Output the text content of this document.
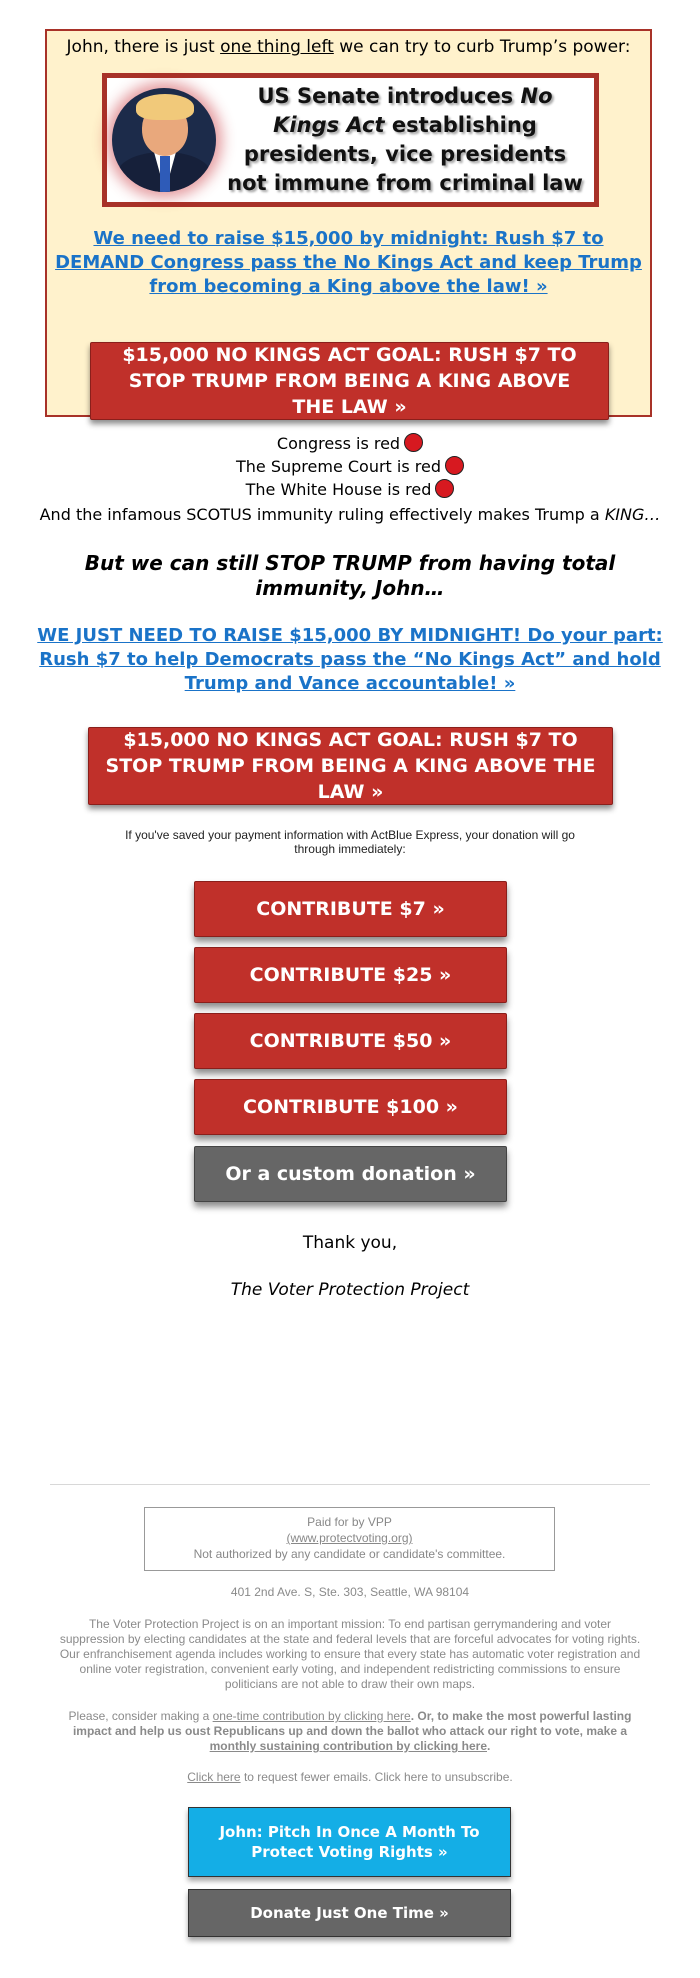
John, there is just one thing left we can try to curb Trump’s power:
US Senate introduces No
Kings Act establishing
presidents, vice presidents
not immune from criminal law
We need to raise $15,000 by midnight: Rush $7 to DEMAND Congress pass the No Kings Act and keep Trump from becoming a King above the law! »
$15,000 NO KINGS ACT GOAL: RUSH $7 TO STOP TRUMP FROM BEING A KING ABOVE THE LAW »
Congress is red
The Supreme Court is red
The White House is red
And the infamous SCOTUS immunity ruling effectively makes Trump a KING…
But we can still STOP TRUMP from having total immunity, John…
WE JUST NEED TO RAISE $15,000 BY MIDNIGHT! Do your part: Rush $7 to help Democrats pass the “No Kings Act” and hold Trump and Vance accountable! »
$15,000 NO KINGS ACT GOAL: RUSH $7 TO STOP TRUMP FROM BEING A KING ABOVE THE LAW »
If you've saved your payment information with ActBlue Express, your donation will go through immediately:
CONTRIBUTE $7 »
CONTRIBUTE $25 »
CONTRIBUTE $50 »
CONTRIBUTE $100 »
Or a custom donation »
Thank you,
The Voter Protection Project
Paid for by VPP
(www.protectvoting.org)
Not authorized by any candidate or candidate's committee.
401 2nd Ave. S, Ste. 303, Seattle, WA 98104
The Voter Protection Project is on an important mission: To end partisan gerrymandering and voter suppression by electing candidates at the state and federal levels that are forceful advocates for voting rights. Our enfranchisement agenda includes working to ensure that every state has automatic voter registration and online voter registration, convenient early voting, and independent redistricting commissions to ensure politicians are not able to draw their own maps.
Please, consider making a one-time contribution by clicking here. Or, to make the most powerful lasting impact and help us oust Republicans up and down the ballot who attack our right to vote, make a monthly sustaining contribution by clicking here.
Click here to request fewer emails. Click here to unsubscribe.
John: Pitch In Once A Month To Protect Voting Rights »
Donate Just One Time »
